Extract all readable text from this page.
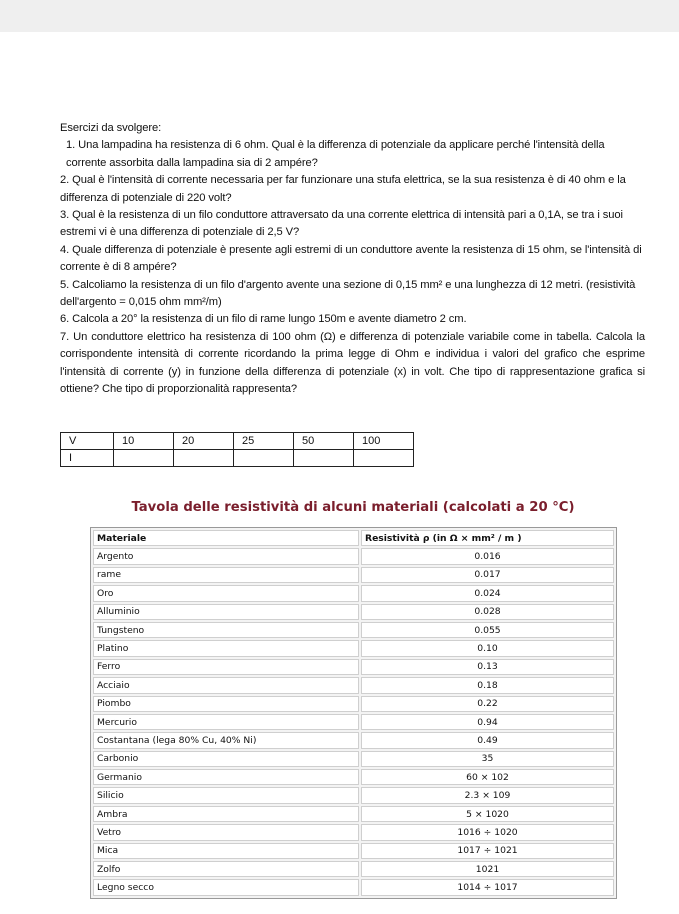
Esercizi da svolgere:

1. Una lampadina ha resistenza di 6 ohm. Qual è la differenza di potenziale da applicare perché l'intensità della corrente assorbita dalla lampadina sia di 2 ampére?

2. Qual è l'intensità di corrente necessaria per far funzionare una stufa elettrica, se la sua resistenza è di 40 ohm e la differenza di potenziale di 220 volt?

3. Qual è la resistenza di un filo conduttore attraversato da una corrente elettrica di intensità pari a 0,1A, se tra i suoi estremi vi è una differenza di potenziale di 2,5 V?

4. Quale differenza di potenziale è presente agli estremi di un conduttore avente la resistenza di 15 ohm, se l'intensità di corrente è di 8 ampére?

5. Calcoliamo la resistenza di un filo d'argento avente una sezione di 0,15 mm² e una lunghezza di 12 metri. (resistività dell'argento = 0,015 ohm mm²/m)

6. Calcola a 20° la resistenza di un filo di rame lungo 150m e avente diametro 2 cm.

7. Un conduttore elettrico ha resistenza di 100 ohm (Ω) e differenza di potenziale variabile come in tabella. Calcola la corrispondente intensità di corrente ricordando la prima legge di Ohm e individua i valori del grafico che esprime l'intensità di corrente (y) in funzione della differenza di potenziale (x) in volt. Che tipo di rappresentazione grafica si ottiene? Che tipo di proporzionalità rappresenta?

V	10	20	25	50	100
I					
Tavola delle resistività di alcuni materiali (calcolati a 20 °C)
Materiale	Resistività ρ (in Ω × mm² / m )
Argento	0.016
rame	0.017
Oro	0.024
Alluminio	0.028
Tungsteno	0.055
Platino	0.10
Ferro	0.13
Acciaio	0.18
Piombo	0.22
Mercurio	0.94
Costantana (lega 80% Cu, 40% Ni)	0.49
Carbonio	35
Germanio	60 × 102
Silicio	2.3 × 109
Ambra	5 × 1020
Vetro	1016 ÷ 1020
Mica	1017 ÷ 1021
Zolfo	1021
Legno secco	1014 ÷ 1017
